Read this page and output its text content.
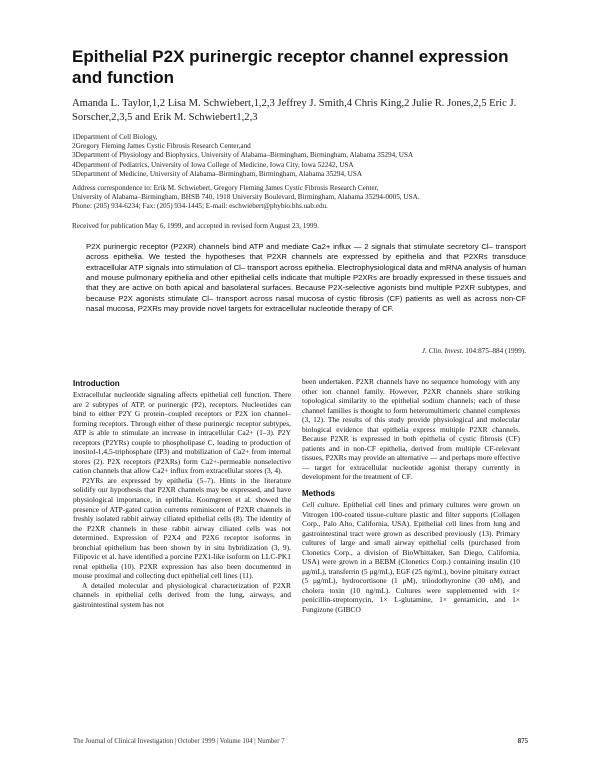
Epithelial P2X purinergic receptor channel expression and function
Amanda L. Taylor,1,2 Lisa M. Schwiebert,1,2,3 Jeffrey J. Smith,4 Chris King,2 Julie R. Jones,2,5 Eric J. Sorscher,2,3,5 and Erik M. Schwiebert1,2,3
1Department of Cell Biology,
2Gregory Fleming James Cystic Fibrosis Research Center,and
3Department of Physiology and Biophysics, University of Alabama–Birmingham, Birmingham, Alabama 35294, USA
4Department of Pediatrics, University of Iowa College of Medicine, Iowa City, Iowa 52242, USA
5Department of Medicine, University of Alabama–Birmingham, Birmingham, Alabama 35294, USA
Address correspondence to: Erik M. Schwiebert, Gregory Fleming James Cystic Fibrosis Research Center,
University of Alabama–Birmingham, BHSB 740, 1918 University Boulevard, Birmingham, Alabama 35294-0005, USA.
Phone: (205) 934-6234; Fax: (205) 934-1445; E-mail: eschwiebert@phybio.bhs.uab.edu.
Received for publication May 6, 1999, and accepted in revised form August 23, 1999.
P2X purinergic receptor (P2XR) channels bind ATP and mediate Ca2+ influx — 2 signals that stimulate secretory Cl– transport across epithelia. We tested the hypotheses that P2XR channels are expressed by epithelia and that P2XRs transduce extracellular ATP signals into stimulation of Cl– transport across epithelia. Electrophysiological data and mRNA analysis of human and mouse pulmonary epithelia and other epithelial cells indicate that multiple P2XRs are broadly expressed in these tissues and that they are active on both apical and basolateral surfaces. Because P2X-selective agonists bind multiple P2XR subtypes, and because P2X agonists stimulate Cl– transport across nasal mucosa of cystic fibrosis (CF) patients as well as across non-CF nasal mucosa, P2XRs may provide novel targets for extracellular nucleotide therapy of CF.
J. Clin. Invest. 104:875–884 (1999).
Introduction

Extracellular nucleotide signaling affects epithelial cell function. There are 2 subtypes of ATP, or purinergic (P2), receptors. Nucleotides can bind to either P2Y G protein–coupled receptors or P2X ion channel–forming receptors. Through either of these purinergic receptor subtypes, ATP is able to stimulate an increase in intracellular Ca2+ (1–3). P2Y receptors (P2YRs) couple to phospholipase C, leading to production of inositol-1,4,5-triphosphate (IP3) and mobilization of Ca2+ from internal stores (2). P2X receptors (P2XRs) form Ca2+-permeable nonselective cation channels that allow Ca2+ influx from extracellular stores (3, 4).

P2YRs are expressed by epithelia (5–7). Hints in the literature solidify our hypothesis that P2XR channels may be expressed, and have physiological importance, in epithelia. Koomgreen et al. showed the presence of ATP-gated cation currents reminiscent of P2XR channels in freshly isolated rabbit airway ciliated epithelial cells (8). The identity of the P2XR channels in these rabbit airway ciliated cells was not determined. Expression of P2X4 and P2X6 receptor isoforms in bronchial epithelium has been shown by in situ hybridization (3, 9). Filipovic et al. have identified a porcine P2X1-like isoform on LLC-PK1 renal epithelia (10). P2XR expression has also been documented in mouse proximal and collecting duct epithelial cell lines (11).

A detailed molecular and physiological characterization of P2XR channels in epithelial cells derived from the lung, airways, and gastrointestinal system has not

been undertaken. P2XR channels have no sequence homology with any other ion channel family. However, P2XR channels share striking topological similarity to the epithelial sodium channels; each of these channel families is thought to form heteromultimeric channel complexes (3, 12). The results of this study provide physiological and molecular biological evidence that epithelia express multiple P2XR channels. Because P2XR is expressed in both epithelia of cystic fibrosis (CF) patients and in non-CF epithelia, derived from multiple CF-relevant tissues, P2XRs may provide an alternative — and perhaps more effective — target for extracellular nucleotide agonist therapy currently in development for the treatment of CF.

Methods

Cell culture. Epithelial cell lines and primary cultures were grown on Vitrogen 100-coated tissue-culture plastic and filter supports (Collagen Corp., Palo Alto, California, USA). Epithelial cell lines from lung and gastrointestinal tract were grown as described previously (13). Primary cultures of large and small airway epithelial cells (purchased from Clonetics Corp., a division of BioWhittaker, San Diego, California, USA) were grown in a BEBM (Clonetics Corp.) containing insulin (10 μg/mL), transferrin (5 μg/mL), EGF (25 ng/mL), bovine pituitary extract (5 μg/mL), hydrocortisone (1 μM), triiodothyronine (30 nM), and cholera toxin (10 ng/mL). Cultures were supplemented with 1× penicillin-streptomycin, 1× L-glutamine, 1× gentamicin, and 1× Fungizone (GIBCO

The Journal of Clinical Investigation | October 1999 | Volume 104 | Number 7	875
